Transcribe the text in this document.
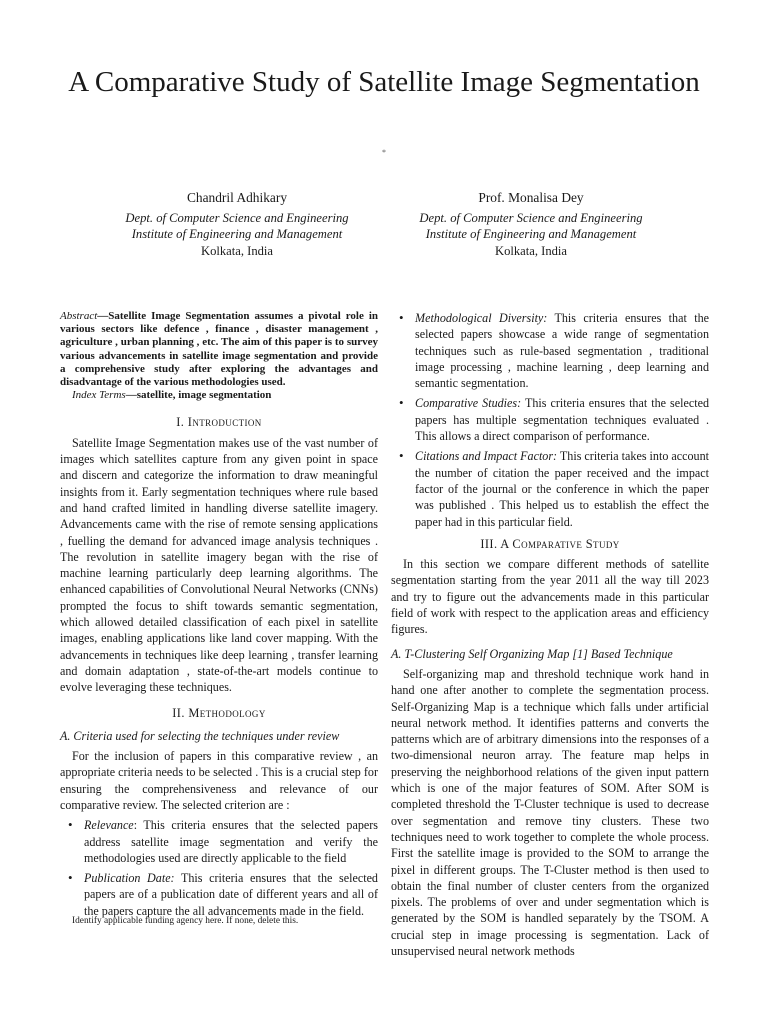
A Comparative Study of Satellite Image Segmentation
*
Chandril Adhikary
Dept. of Computer Science and Engineering
Institute of Engineering and Management
Kolkata, India
Prof. Monalisa Dey
Dept. of Computer Science and Engineering
Institute of Engineering and Management
Kolkata, India

Abstract—Satellite Image Segmentation assumes a pivotal role in various sectors like defence , finance , disaster management , agriculture , urban planning , etc. The aim of this paper is to survey various advancements in satellite image segmentation and provide a comprehensive study after exploring the advantages and disadvantage of the various methodologies used.

Index Terms—satellite, image segmentation

I. Introduction

Satellite Image Segmentation makes use of the vast number of images which satellites capture from any given point in space and discern and categorize the information to draw meaningful insights from it. Early segmentation techniques where rule based and hand crafted limited in handling diverse satellite imagery. Advancements came with the rise of remote sensing applications , fuelling the demand for advanced image analysis techniques . The revolution in satellite imagery began with the rise of machine learning particularly deep learning algorithms. The enhanced capabilities of Convolutional Neural Networks (CNNs) prompted the focus to shift towards semantic segmentation, which allowed detailed classification of each pixel in satellite images, enabling applications like land cover mapping. With the advancements in techniques like deep learning , transfer learning and domain adaptation , state-of-the-art models continue to evolve leveraging these techniques.

II. Methodology
A. Criteria used for selecting the techniques under review

For the inclusion of papers in this comparative review , an appropriate criteria needs to be selected . This is a crucial step for ensuring the comprehensiveness and relevance of our comparative review. The selected criterion are :

• Relevance: This criteria ensures that the selected papers address satellite image segmentation and verify the methodologies used are directly applicable to the field
• Publication Date: This criteria ensures that the selected papers are of a publication date of different years and all of the papers capture the all advancements made in the field.
Identify applicable funding agency here. If none, delete this.
• Methodological Diversity: This criteria ensures that the selected papers showcase a wide range of segmentation techniques such as rule-based segmentation , traditional image processing , machine learning , deep learning and semantic segmentation.
• Comparative Studies: This criteria ensures that the selected papers has multiple segmentation techniques evaluated . This allows a direct comparison of performance.
• Citations and Impact Factor: This criteria takes into account the number of citation the paper received and the impact factor of the journal or the conference in which the paper was published . This helped us to establish the effect the paper had in this particular field.
III. A Comparative Study

In this section we compare different methods of satellite segmentation starting from the year 2011 all the way till 2023 and try to figure out the advancements made in this particular field of work with respect to the application areas and efficiency figures.

A. T-Clustering Self Organizing Map [1] Based Technique

Self-organizing map and threshold technique work hand in hand one after another to complete the segmentation process. Self-Organizing Map is a technique which falls under artificial neural network method. It identifies patterns and converts the patterns which are of arbitrary dimensions into the responses of a two-dimensional neuron array. The feature map helps in preserving the neighborhood relations of the given input pattern which is one of the major features of SOM. After SOM is completed threshold the T-Cluster technique is used to decrease over segmentation and remove tiny clusters. These two techniques need to work together to complete the whole process. First the satellite image is provided to the SOM to arrange the pixel in different groups. The T-Cluster method is then used to obtain the final number of cluster centers from the organized pixels. The problems of over and under segmentation which is generated by the SOM is handled separately by the TSOM. A crucial step in image processing is segmentation. Lack of unsupervised neural network methods
